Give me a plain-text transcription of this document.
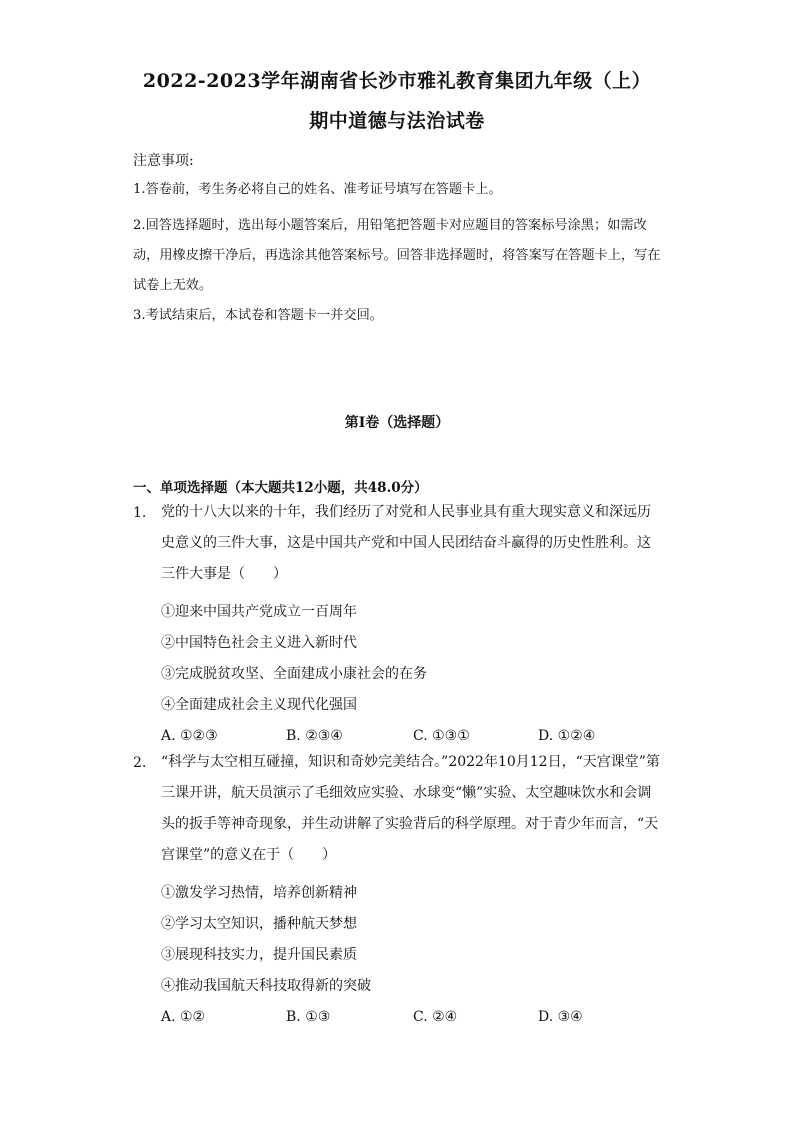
2022-2023学年湖南省长沙市雅礼教育集团九年级（上）
期中道德与法治试卷
注意事项:
1.答卷前，考生务必将自己的姓名、准考证号填写在答题卡上。
2.回答选择题时，选出每小题答案后，用铅笔把答题卡对应题目的答案标号涂黑；如需改动，用橡皮擦干净后，再选涂其他答案标号。回答非选择题时，将答案写在答题卡上，写在试卷上无效。
3.考试结束后，本试卷和答题卡一并交回。
第I卷（选择题）
一、单项选择题（本大题共12小题，共48.0分）
1. 党的十八大以来的十年，我们经历了对党和人民事业具有重大现实意义和深远历史意义的三件大事，这是中国共产党和中国人民团结奋斗赢得的历史性胜利。这三件大事是（　　）
①迎来中国共产党成立一百周年
②中国特色社会主义进入新时代
③完成脱贫攻坚、全面建成小康社会的在务
④全面建成社会主义现代化强国
A. ①②③	B. ②③④	C. ①③①	D. ①②④
2. “科学与太空相互碰撞，知识和奇妙完美结合。”2022年10月12日，“天宫课堂”第三课开讲，航天员演示了毛细效应实验、水球变“懒”实验、太空趣味饮水和会调头的扳手等神奇现象，并生动讲解了实验背后的科学原理。对于青少年而言，“天宫课堂”的意义在于（　　）
①激发学习热情，培养创新精神
②学习太空知识，播种航天梦想
③展现科技实力，提升国民素质
④推动我国航天科技取得新的突破
A. ①②	B. ①③	C. ②④	D. ③④
